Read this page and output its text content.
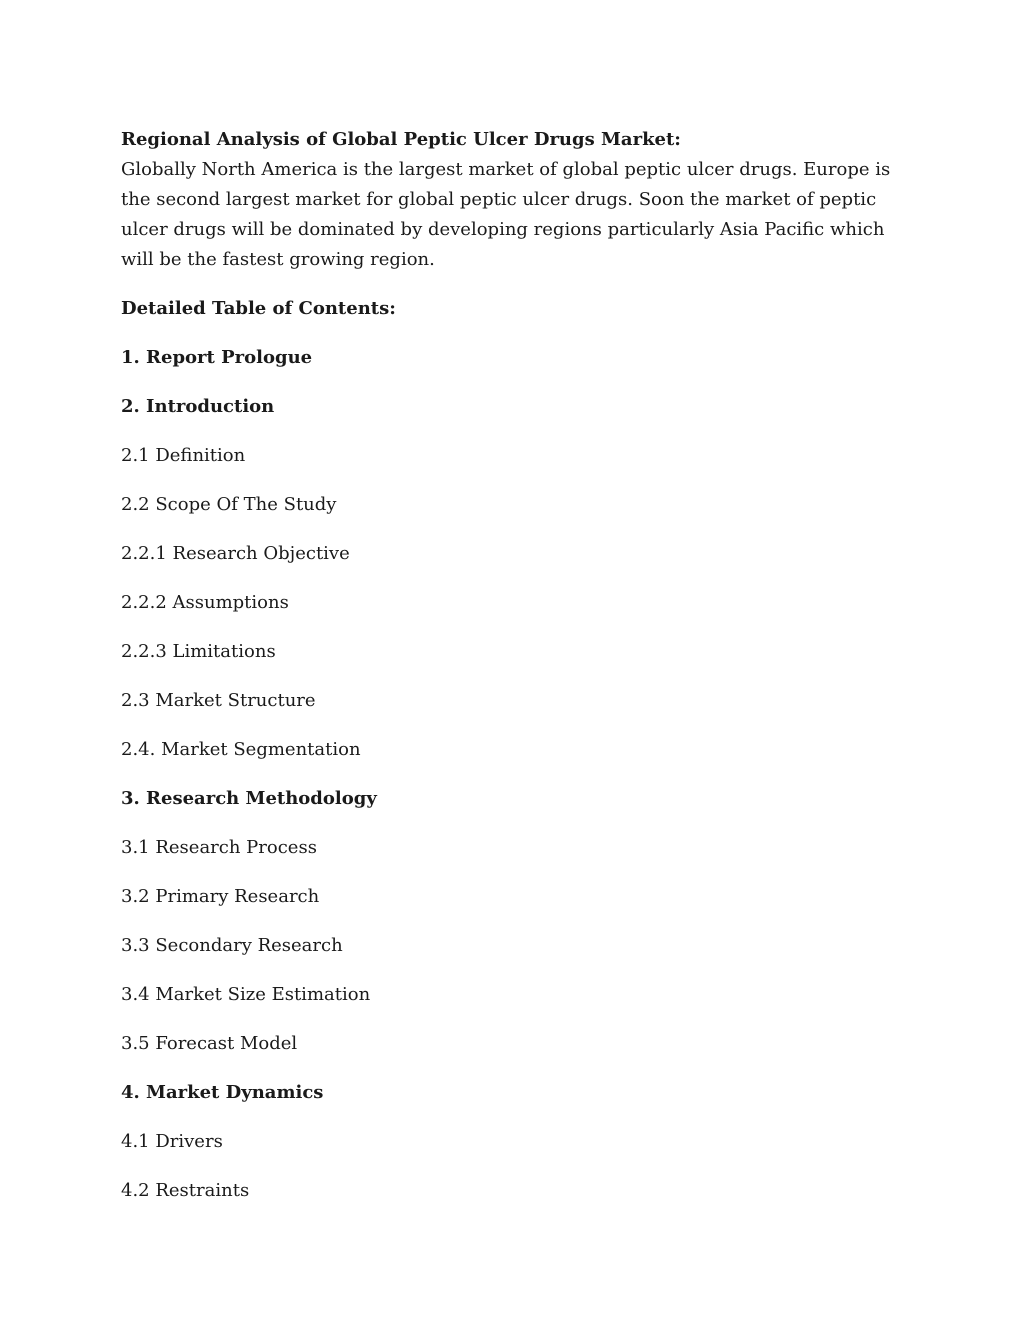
Regional Analysis of Global Peptic Ulcer Drugs Market:

Globally North America is the largest market of global peptic ulcer drugs. Europe is the second largest market for global peptic ulcer drugs. Soon the market of peptic ulcer drugs will be dominated by developing regions particularly Asia Pacific which will be the fastest growing region.

Detailed Table of Contents:
1. Report Prologue
2. Introduction
2.1 Definition
2.2 Scope Of The Study
2.2.1 Research Objective
2.2.2 Assumptions
2.2.3 Limitations
2.3 Market Structure
2.4. Market Segmentation
3. Research Methodology
3.1 Research Process
3.2 Primary Research
3.3 Secondary Research
3.4 Market Size Estimation
3.5 Forecast Model
4. Market Dynamics
4.1 Drivers
4.2 Restraints
